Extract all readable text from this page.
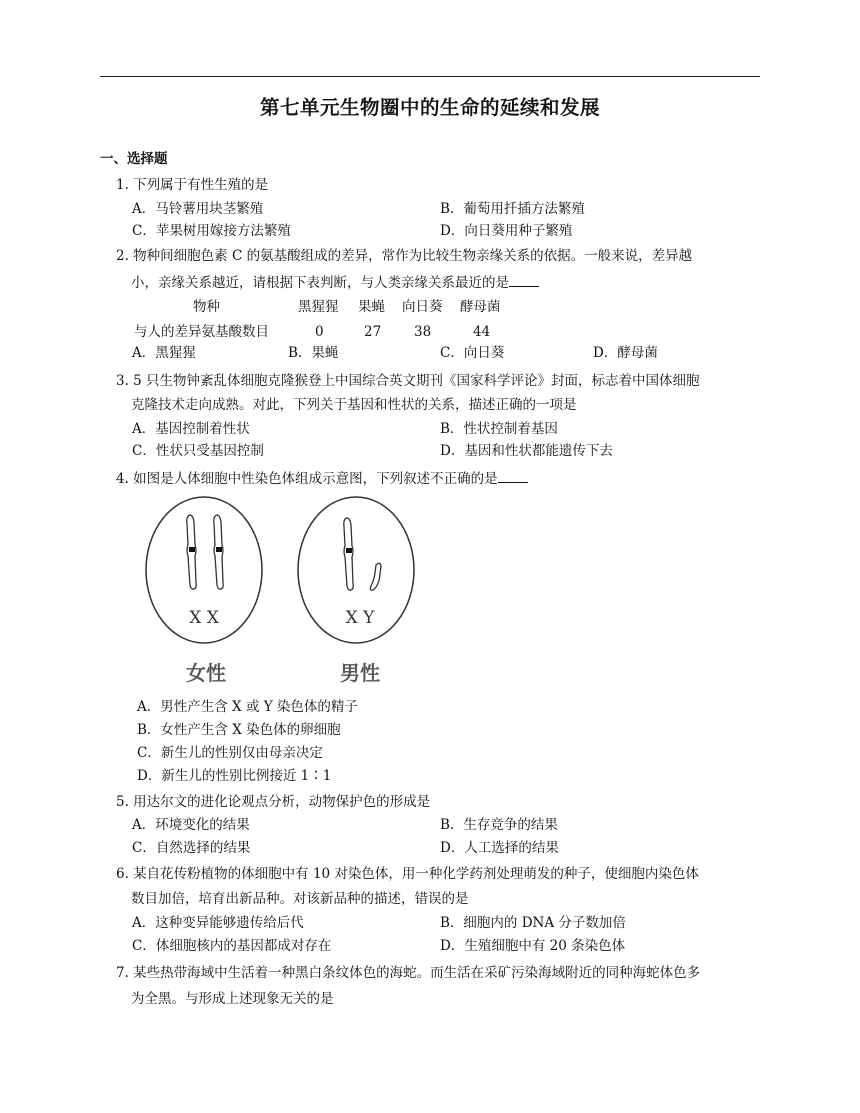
第七单元生物圈中的生命的延续和发展
一、选择题
1. 下列属于有性生殖的是
A．马铃薯用块茎繁殖	B．葡萄用扦插方法繁殖
C．苹果树用嫁接方法繁殖	D．向日葵用种子繁殖
2. 物种间细胞色素 C 的氨基酸组成的差异，常作为比较生物亲缘关系的依据。一般来说，差异越
小，亲缘关系越近，请根据下表判断，与人类亲缘关系最近的是
物种	黑猩猩 果蝇 向日葵 酵母菌
与人的差异氨基酸数目	0	27 38	44
A．黑猩猩	B．果蝇	C．向日葵	D．酵母菌
3. 5 只生物钟紊乱体细胞克隆猴登上中国综合英文期刊《国家科学评论》封面，标志着中国体细胞
克隆技术走向成熟。对此，下列关于基因和性状的关系，描述正确的一项是
A．基因控制着性状	B．性状控制着基因
C．性状只受基因控制	D．基因和性状都能遗传下去
4. 如图是人体细胞中性染色体组成示意图，下列叙述不正确的是
X X	X Y
女性	男性
A．男性产生含 X 或 Y 染色体的精子
B．女性产生含 X 染色体的卵细胞
C．新生儿的性别仅由母亲决定
D．新生儿的性别比例接近 1∶1
5. 用达尔文的进化论观点分析，动物保护色的形成是
A．环境变化的结果	B．生存竞争的结果
C．自然选择的结果	D．人工选择的结果
6. 某自花传粉植物的体细胞中有 10 对染色体，用一种化学药剂处理萌发的种子，使细胞内染色体
数目加倍，培育出新品种。对该新品种的描述，错误的是
A．这种变异能够遗传给后代	B．细胞内的 DNA 分子数加倍
C．体细胞核内的基因都成对存在	D．生殖细胞中有 20 条染色体
7. 某些热带海域中生活着一种黑白条纹体色的海蛇。而生活在采矿污染海域附近的同种海蛇体色多
为全黑。与形成上述现象无关的是
